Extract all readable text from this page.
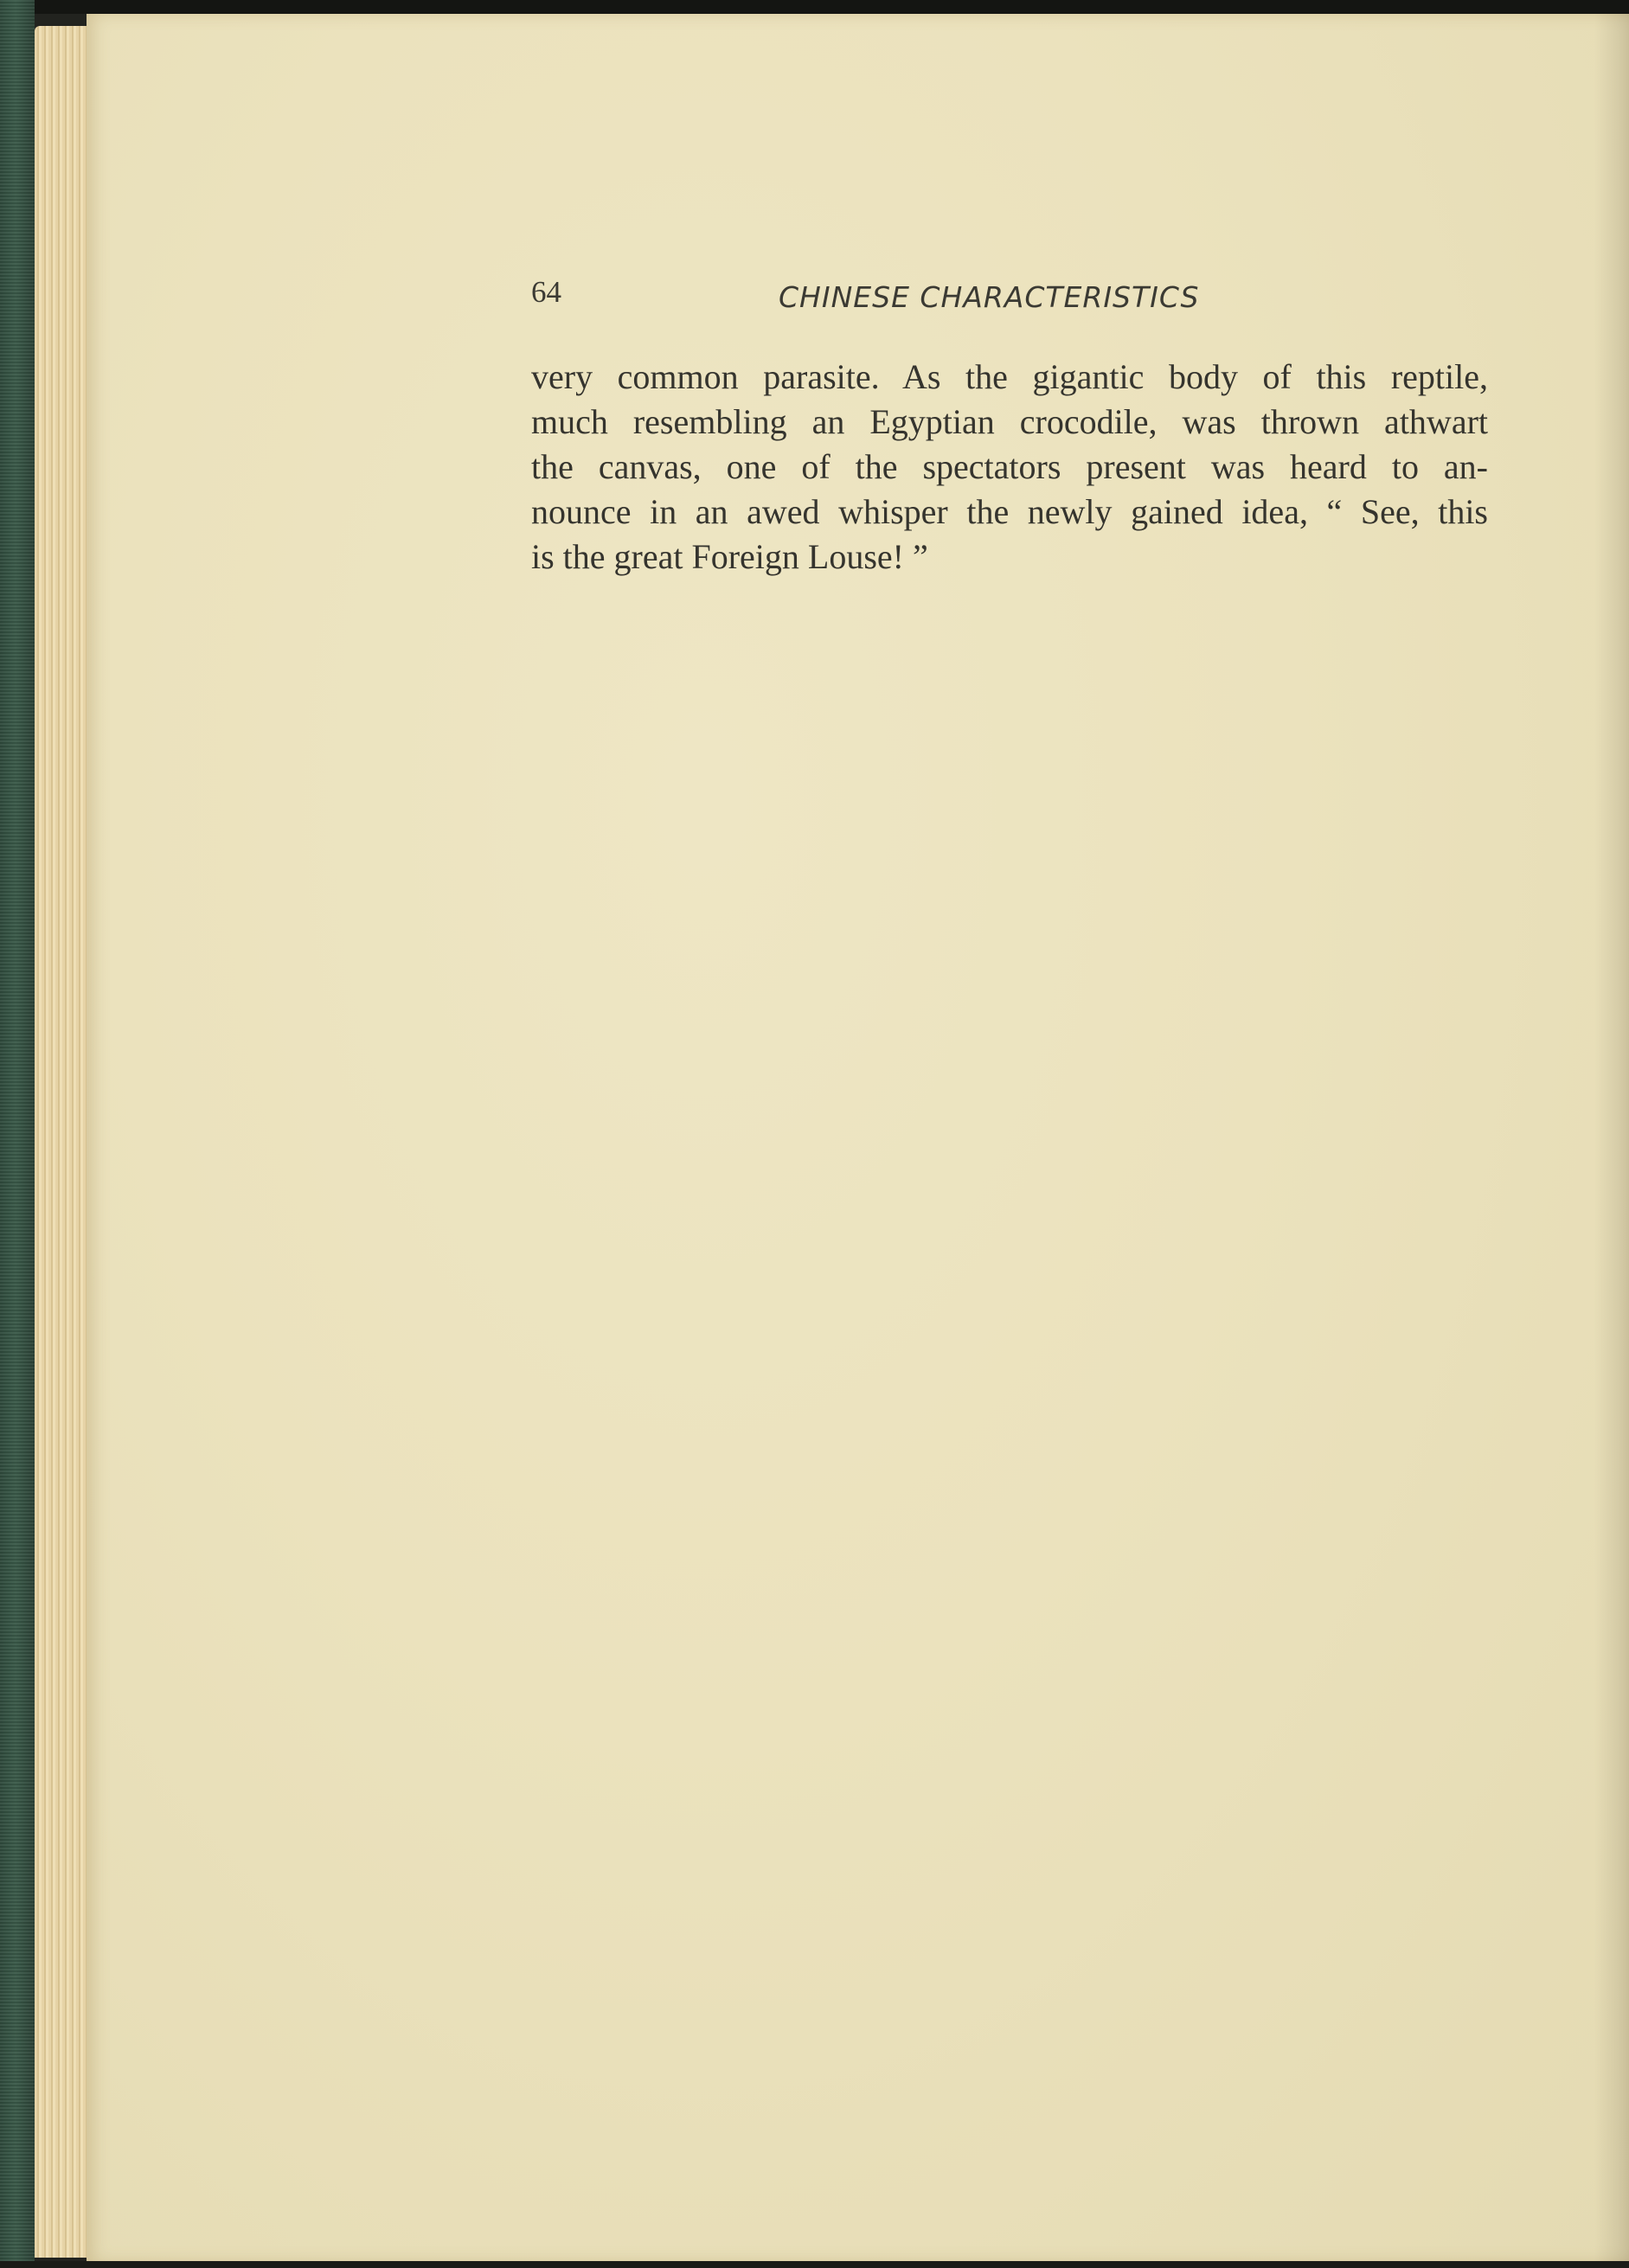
64	CHINESE CHARACTERISTICS
very common parasite. As the gigantic body of this reptile,
much resembling an Egyptian crocodile, was thrown athwart
the canvas, one of the spectators present was heard to an-
nounce in an awed whisper the newly gained idea, “ See, this
is the great Foreign Louse! ”
